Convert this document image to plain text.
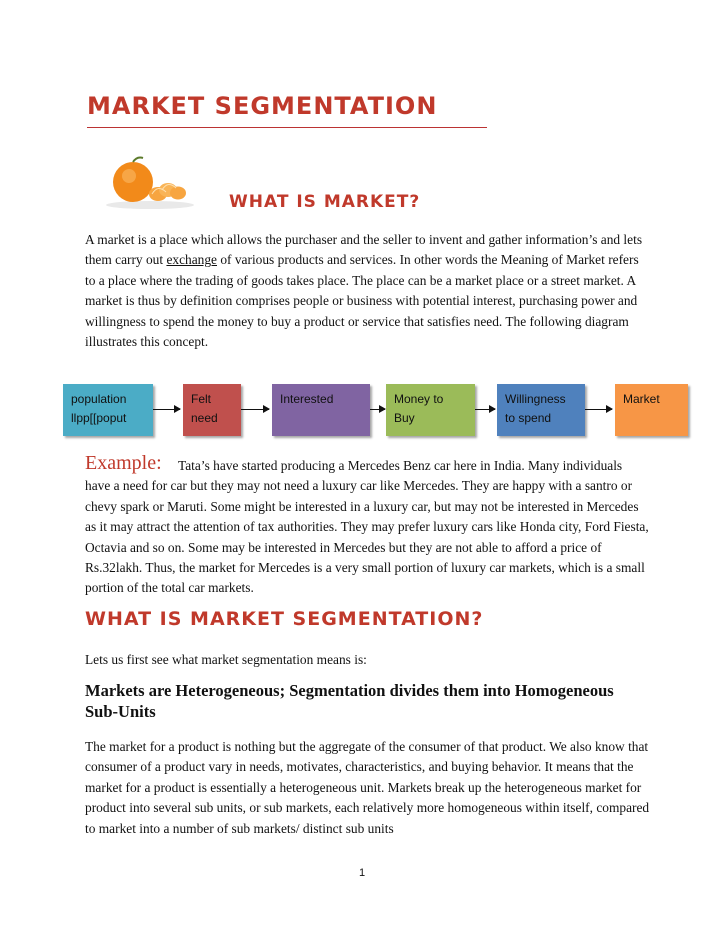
MARKET SEGMENTATION
WHAT IS MARKET?
A market is a place which allows the purchaser and the seller to invent and gather information’s and lets them carry out exchange of various products and services. In other words the Meaning of Market refers to a place where the trading of goods takes place. The place can be a market place or a street market. A market is thus by definition comprises people or business with potential interest, purchasing power and willingness to spend the money to buy a product or service that satisfies need. The following diagram illustrates this concept.
population
llpp[[poput
Felt
need
Interested	Money to
Buy
Willingness
to spend
Market
Example:	Tata’s have started producing a Mercedes Benz car here in India. Many individuals have a need for car but they may not need a luxury car like Mercedes. They are happy with a santro or chevy spark or Maruti. Some might be interested in a luxury car, but may not be interested in Mercedes as it may attract the attention of tax authorities. They may prefer luxury cars like Honda city, Ford Fiesta, Octavia and so on. Some may be interested in Mercedes but they are not able to afford a price of Rs.32lakh. Thus, the market for Mercedes is a very small portion of luxury car markets, which is a small portion of the total car markets.
WHAT IS MARKET SEGMENTATION?
Lets us first see what market segmentation means is:
Markets are Heterogeneous; Segmentation divides them into Homogeneous Sub-Units
The market for a product is nothing but the aggregate of the consumer of that product. We also know that consumer of a product vary in needs, motivates, characteristics, and buying behavior. It means that the market for a product is essentially a heterogeneous unit. Markets break up the heterogeneous market for product into several sub units, or sub markets, each relatively more homogeneous within itself, compared to market into a number of sub markets/ distinct sub units
1
